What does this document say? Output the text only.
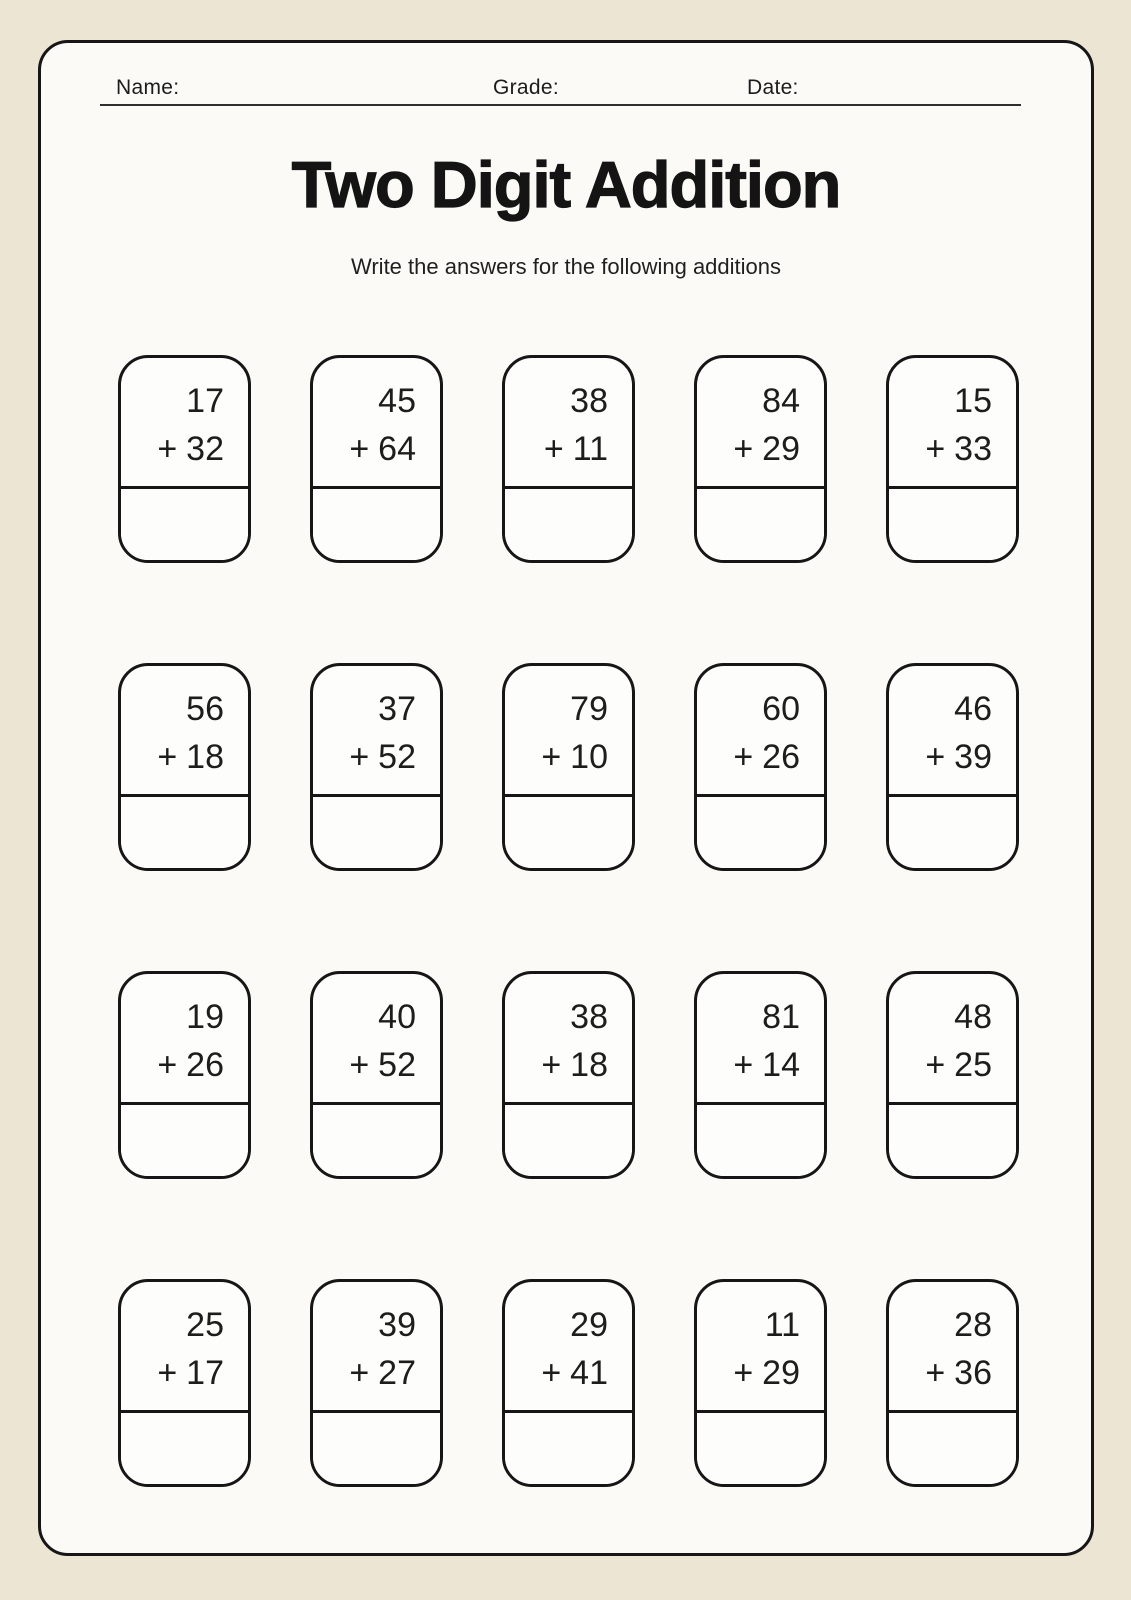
Name:	Grade:	Date:
Two Digit Addition

Write the answers for the following additions

17
+ 32
45
+ 64
38
+ 11
84
+ 29
15
+ 33
56
+ 18
37
+ 52
79
+ 10
60
+ 26
46
+ 39
19
+ 26
40
+ 52
38
+ 18
81
+ 14
48
+ 25
25
+ 17
39
+ 27
29
+ 41
11
+ 29
28
+ 36
